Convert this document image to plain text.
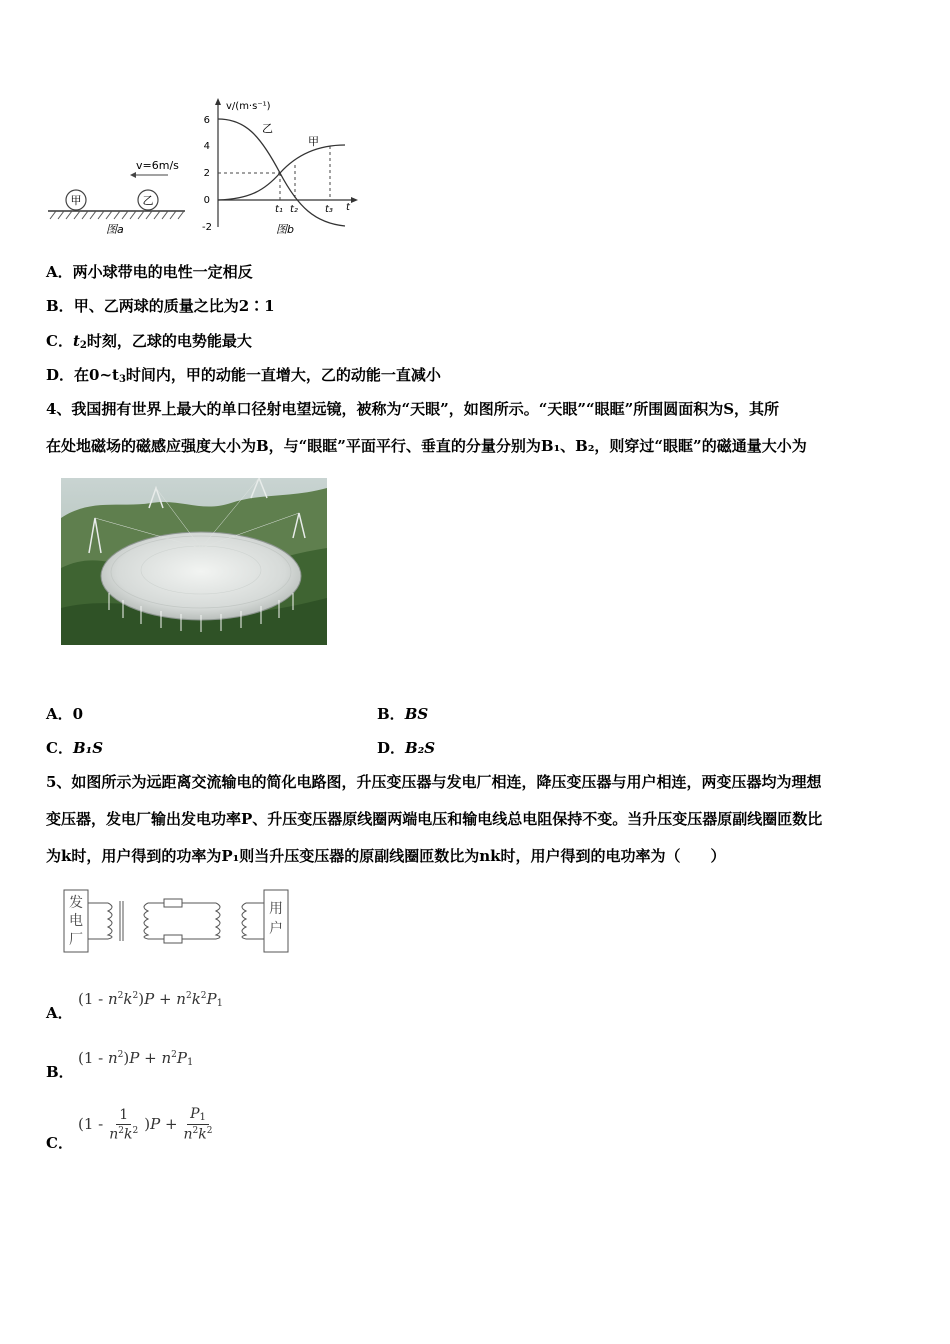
甲	乙
v=6m/s
图a
v/(m·s⁻¹)
t
6
4
2
0
-2
乙
甲
t₁ t₂	t₃
图b
A．两小球带电的电性一定相反
B．甲、乙两球的质量之比为2∶1
C．$t_2$时刻，乙球的电势能最大
D．在$0\sim t_3$时间内，甲的动能一直增大，乙的动能一直减小
4、我国拥有世界上最大的单口径射电望远镜，被称为“天眼”，如图所示。“天眼”“眼眶”所围圆面积为S，其所
在处地磁场的磁感应强度大小为B，与“眼眶”平面平行、垂直的分量分别为B₁、B₂，则穿过“眼眶”的磁通量大小为
A．0	B．BS
C．B₁S	D．B₂S
5、如图所示为远距离交流输电的简化电路图，升压变压器与发电厂相连，降压变压器与用户相连，两变压器均为理想
变压器，发电厂输出发电功率P、升压变压器原线圈两端电压和输电线总电阻保持不变。当升压变压器原副线圈匝数比
为k时，用户得到的功率为P₁则当升压变压器的原副线圈匝数比为nk时，用户得到的电功率为（　　）
发
电
厂
用
户
A．
$(1 - n^2k^2)P + n^2k^2P_1$
B．
$(1 - n^2)P + n^2P_1$
C．
$(1 - \frac{1}{n^2k^2} )P + \frac{P_1}{n^2k^2}$
